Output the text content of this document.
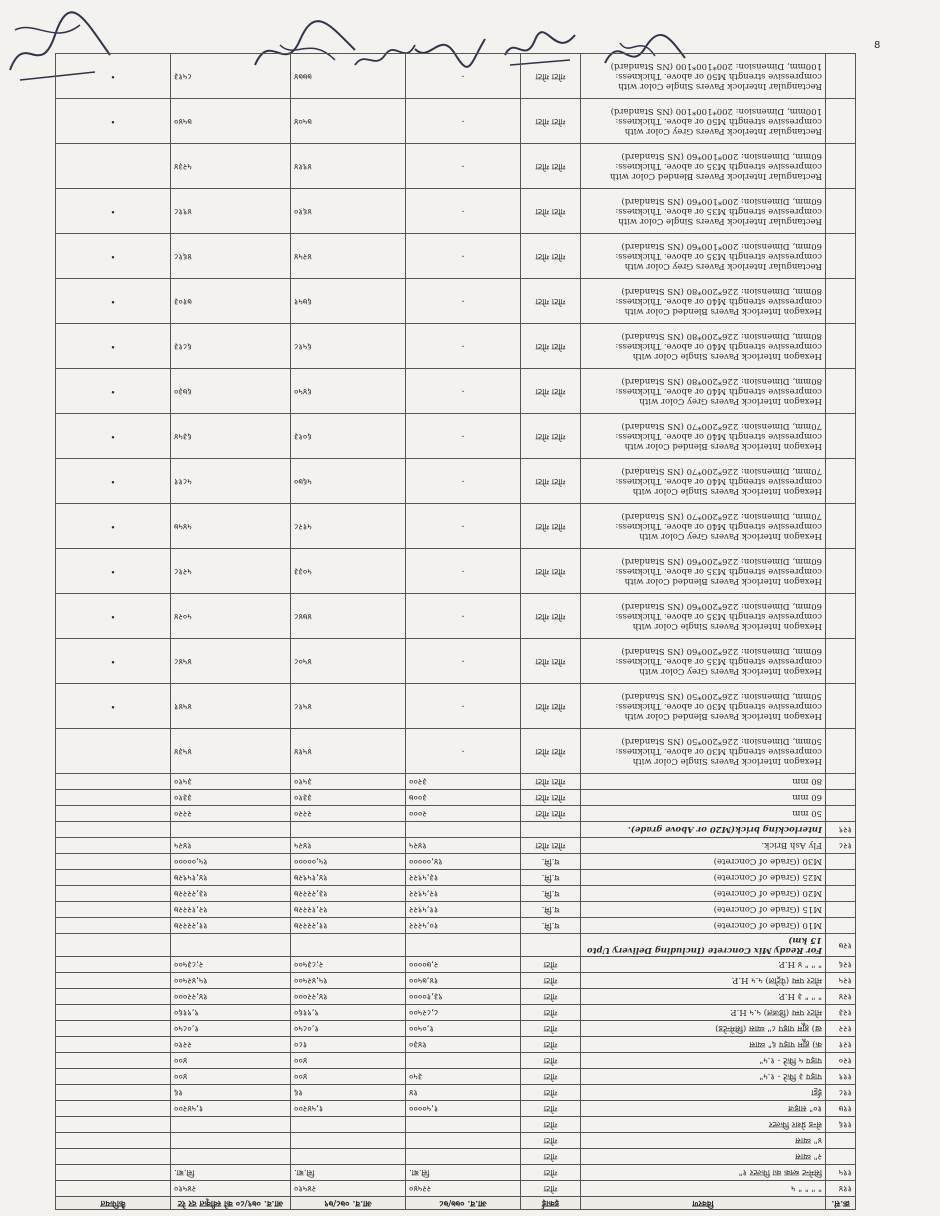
8
क्र.सं.	विवरण	इकाई	आ.व. ०७७/७८	आ.व. ०७८/७९	आ.व. ०७९/८० को स्वीकृत दर रेट	कैफियत
११४	" " " " ५	गोटा	२२५४०	२४५१०	२४५१०	
११५	सिमेन्ट ब्लक का फिल्टर १"	गोटा	सि.बा.	सि.बा.	सि.बा.	
	२" व्यास	गोटा				
	४" व्यास	गोटा				
११६	सेन्ड प्रेशर फिल्टर	गोटा				
११७	१०" साइज	गोटा	१,५००००	१,५४२००	१,५४२००	
११८	ईट्टा	गोटा	१४	१६	१६	
११९	पाइप ३ फिटे - १.५"	गोटा	३५०	४००	४००	
१२०	पाइप ५ फिटे - १.५"	गोटा		४००	४००	
१२१	क) ह्यूम पाइप ६" व्यास	गोटा	१४३०	१८०	२२१०	
१२२	ख) ह्यूम पाइप ८" व्यास (सिमेन्टेड)	गोटा	१,०५००	१,०८५०	१,०८५०	
१२३	मोटर पम्प (डिजल) ५.५ H.P.	गोटा	८,८२५००	९,९१६०	९,९१६०	
१२४	" " " ३ H.P.	गोटा	९३,१००००	१४,२२०००	१४,२२०००	
१२५	मोटर पम्प (पेट्रोल) ५.५ H.P.	गोटा	१४,७५००	१५,४२५००	१५,४२५००	
१२६	" " " ४ H.P.	गोटा	२,७००००	२,८३५००	२,८३५००	
१२७	For Ready Mix Concrete (Including Delivery Upto 15 km)					
	M10 (Grade of Concrete)	घ.मि.	१०,५२२२	११,२२२२७	११,२२२२७	
	M15 (Grade of Concrete)	घ.मि.	११,५९२२	१२,१२२२७	१२,१२२२७	
	M20 (Grade of Concrete)	घ.मि.	१२,५९२२	१३,२२२२७	१३,२२२२७	
	M25 (Grade of Concrete)	घ.मि.	१३,५९२२	१४,१५९२७	१४,१५९२७	
	M30 (Grade of Concrete)	घ.मि.	१४,०००००	१५,०००००	१५,०००००	
१२८	Fly Ash Brick.	गोटा गोटा	१४२५	१४२५	१४२५	
१२९	Interlocking brick(M20 or Above grade).					
	50 mm	गोटा गोटा	२०००	२२२०	२२२०	
	60 mm	गोटा गोटा	३००७	३३१०	३३१०	
	80 mm	गोटा गोटा	३२००	३५१०	३५१०	
	Hexagon Interlock Pavers Single Color with compressive strength M30 or above. Thickness: 50mm, Dimension: 226*200*50 (NS Standard)	गोटा गोटा	-	४५१४	४५३४	
	Hexagon Interlock Pavers Blended Color with compressive strength M30 or above. Thickness: 50mm, Dimension: 226*200*50 (NS Standard)	गोटा गोटा	-	४५१८	४५४१	•
	Hexagon Interlock Pavers Grey Color with compressive strength M35 or above. Thickness: 60mm, Dimension: 226*200*60 (NS Standard)	गोटा गोटा	-	४५०८	४५४८	•
	Hexagon Interlock Pavers Single Color with compressive strength M35 or above. Thickness: 60mm, Dimension: 226*200*60 (NS Standard)	गोटा गोटा	-	४७४८	५०२४	•
	Hexagon Interlock Pavers Blended Color with compressive strength M35 or above. Thickness: 60mm, Dimension: 226*200*60 (NS Standard)	गोटा गोटा	-	५०३३	५२१८	•
	Hexagon Interlock Pavers Grey Color with compressive strength M40 or above. Thickness: 70mm, Dimension: 226*200*70 (NS Standard)	गोटा गोटा	-	५१२८	५४५७	•
	Hexagon Interlock Pavers Single Color with compressive strength M40 or above. Thickness: 70mm, Dimension: 226*200*70 (NS Standard)	गोटा गोटा	-	५६७०	५८११	•
	Hexagon Interlock Pavers Blended Color with compressive strength M40 or above. Thickness: 70mm, Dimension: 226*200*70 (NS Standard)	गोटा गोटा	-	६०१३	६३५४	•
	Hexagon Interlock Pavers Grey Color with compressive strength M40 or above. Thickness: 80mm, Dimension: 226*200*80 (NS Standard)	गोटा गोटा	-	६४५०	६७३०	•
	Hexagon Interlock Pavers Single Color with compressive strength M40 or above. Thickness: 80mm, Dimension: 226*200*80 (NS Standard)	गोटा गोटा	-	६५१८	६८१३	•
	Hexagon Interlock Pavers Blended Color with compressive strength M40 or above. Thickness: 80mm, Dimension: 226*200*80 (NS Standard)	गोटा गोटा	-	६७५१	७१०३	•
	Rectangular Interlock Pavers Grey Color with compressive strength M35 or above. Thickness: 60mm, Dimension: 200*100*60 (NS Standard)	गोटा गोटा	-	४२५४	४६१८	•
	Rectangular Interlock Pavers Single Color with compressive strength M35 or above. Thickness: 60mm, Dimension: 200*100*60 (NS Standard)	गोटा गोटा	-	४६१०	४९१८	•
	Rectangular Interlock Pavers Blended Color with compressive strength M35 or above. Thickness: 60mm, Dimension: 200*100*60 (NS Standard)	गोटा गोटा	-	४९१४	५२३४	
	Rectangular Interlock Pavers Grey Color with compressive strength M50 or above. Thickness: 100mm, Dimension: 200*100*100 (NS Standard)	गोटा गोटा	-	७५०४	७५४०	•
	Rectangular Interlock Pavers Single Color with compressive strength M50 or above. Thickness: 100mm, Dimension: 200*100*100 (NS Standard)	गोटा गोटा	-	७७७४	८५१३	•
